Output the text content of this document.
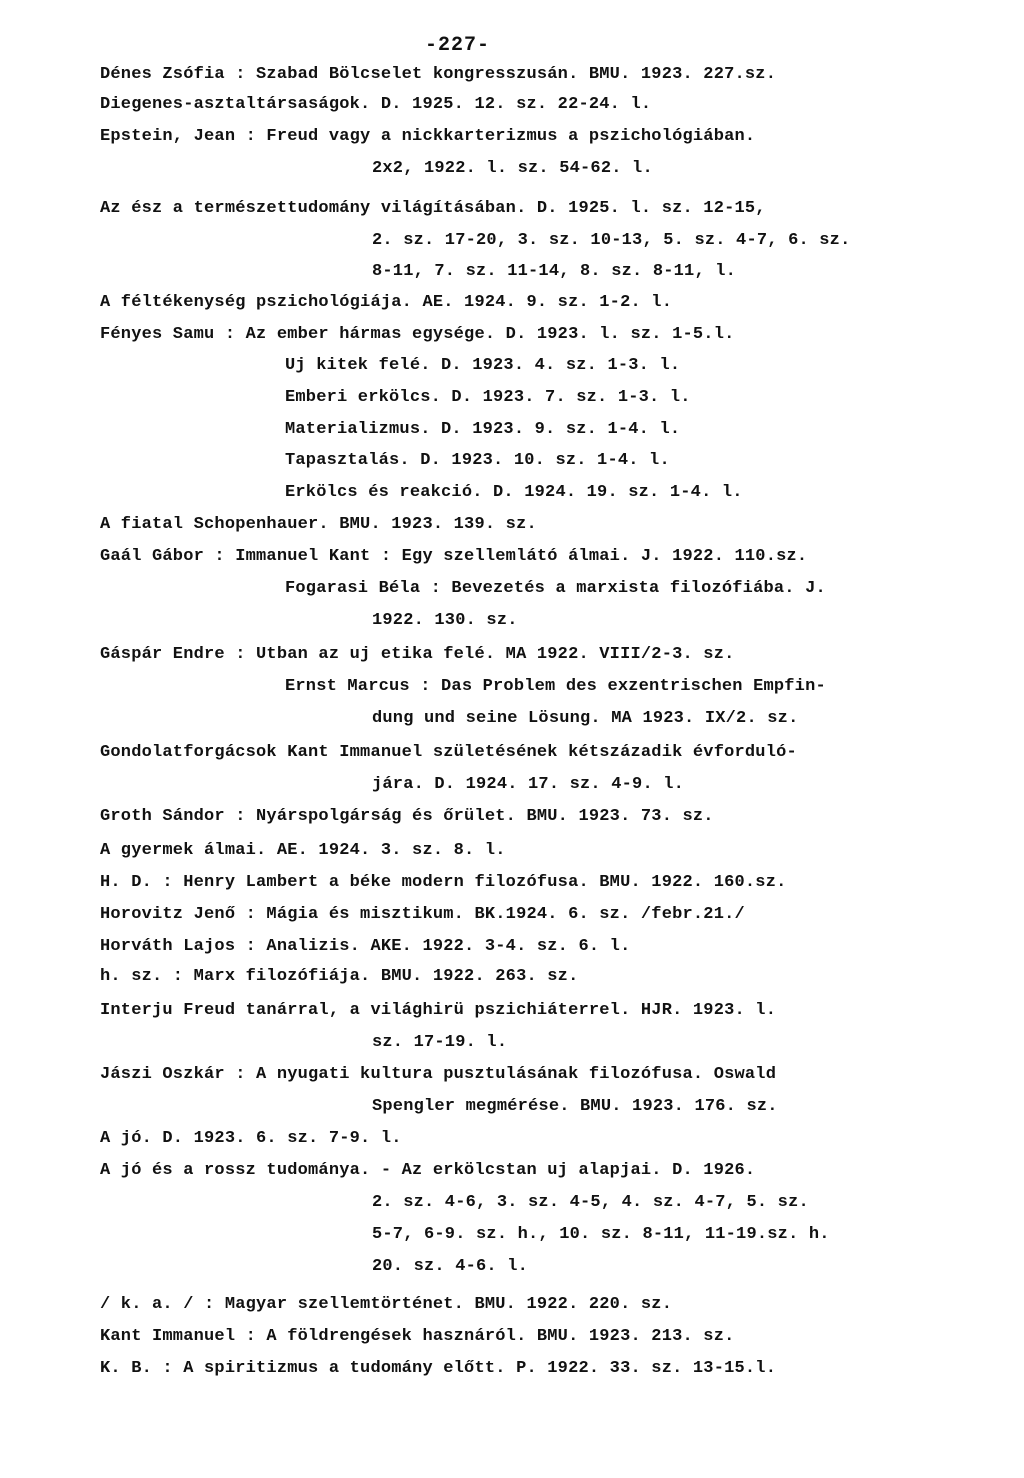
-227-
Dénes Zsófia : Szabad Bölcselet kongresszusán. BMU. 1923. 227.sz.
Diegenes-asztaltársaságok. D. 1925. 12. sz. 22-24. l.
Epstein, Jean : Freud vagy a nickkarterizmus a pszichológiában.
2x2, 1922. l. sz. 54-62. l.
Az ész a természettudomány világításában. D. 1925. l. sz. 12-15,
2. sz. 17-20, 3. sz. 10-13, 5. sz. 4-7, 6. sz.
8-11, 7. sz. 11-14, 8. sz. 8-11, l.
A féltékenység pszichológiája. AE. 1924. 9. sz. 1-2. l.
Fényes Samu : Az ember hármas egysége. D. 1923. l. sz. 1-5.l.
Uj kitek felé. D. 1923. 4. sz. 1-3. l.
Emberi erkölcs. D. 1923. 7. sz. 1-3. l.
Materializmus. D. 1923. 9. sz. 1-4. l.
Tapasztalás. D. 1923. 10. sz. 1-4. l.
Erkölcs és reakció. D. 1924. 19. sz. 1-4. l.
A fiatal Schopenhauer. BMU. 1923. 139. sz.
Gaál Gábor : Immanuel Kant : Egy szellemlátó álmai. J. 1922. 110.sz.
Fogarasi Béla : Bevezetés a marxista filozófiába. J.
1922. 130. sz.
Gáspár Endre : Utban az uj etika felé. MA 1922. VIII/2-3. sz.
Ernst Marcus : Das Problem des exzentrischen Empfin-
dung und seine Lösung. MA 1923. IX/2. sz.
Gondolatforgácsok Kant Immanuel születésének kétszázadik évforduló-
jára. D. 1924. 17. sz. 4-9. l.
Groth Sándor : Nyárspolgárság és őrület. BMU. 1923. 73. sz.
A gyermek álmai. AE. 1924. 3. sz. 8. l.
H. D. : Henry Lambert a béke modern filozófusa. BMU. 1922. 160.sz.
Horovitz Jenő : Mágia és misztikum. BK.1924. 6. sz. /febr.21./
Horváth Lajos : Analizis. AKE. 1922. 3-4. sz. 6. l.
h. sz. : Marx filozófiája. BMU. 1922. 263. sz.
Interju Freud tanárral, a világhirü pszichiáterrel. HJR. 1923. l.
sz. 17-19. l.
Jászi Oszkár : A nyugati kultura pusztulásának filozófusa. Oswald
Spengler megmérése. BMU. 1923. 176. sz.
A jó. D. 1923. 6. sz. 7-9. l.
A jó és a rossz tudománya. - Az erkölcstan uj alapjai. D. 1926.
2. sz. 4-6, 3. sz. 4-5, 4. sz. 4-7, 5. sz.
5-7, 6-9. sz. h., 10. sz. 8-11, 11-19.sz. h.
20. sz. 4-6. l.
/ k. a. / : Magyar szellemtörténet. BMU. 1922. 220. sz.
Kant Immanuel : A földrengések hasznáról. BMU. 1923. 213. sz.
K. B. : A spiritizmus a tudomány előtt. P. 1922. 33. sz. 13-15.l.
